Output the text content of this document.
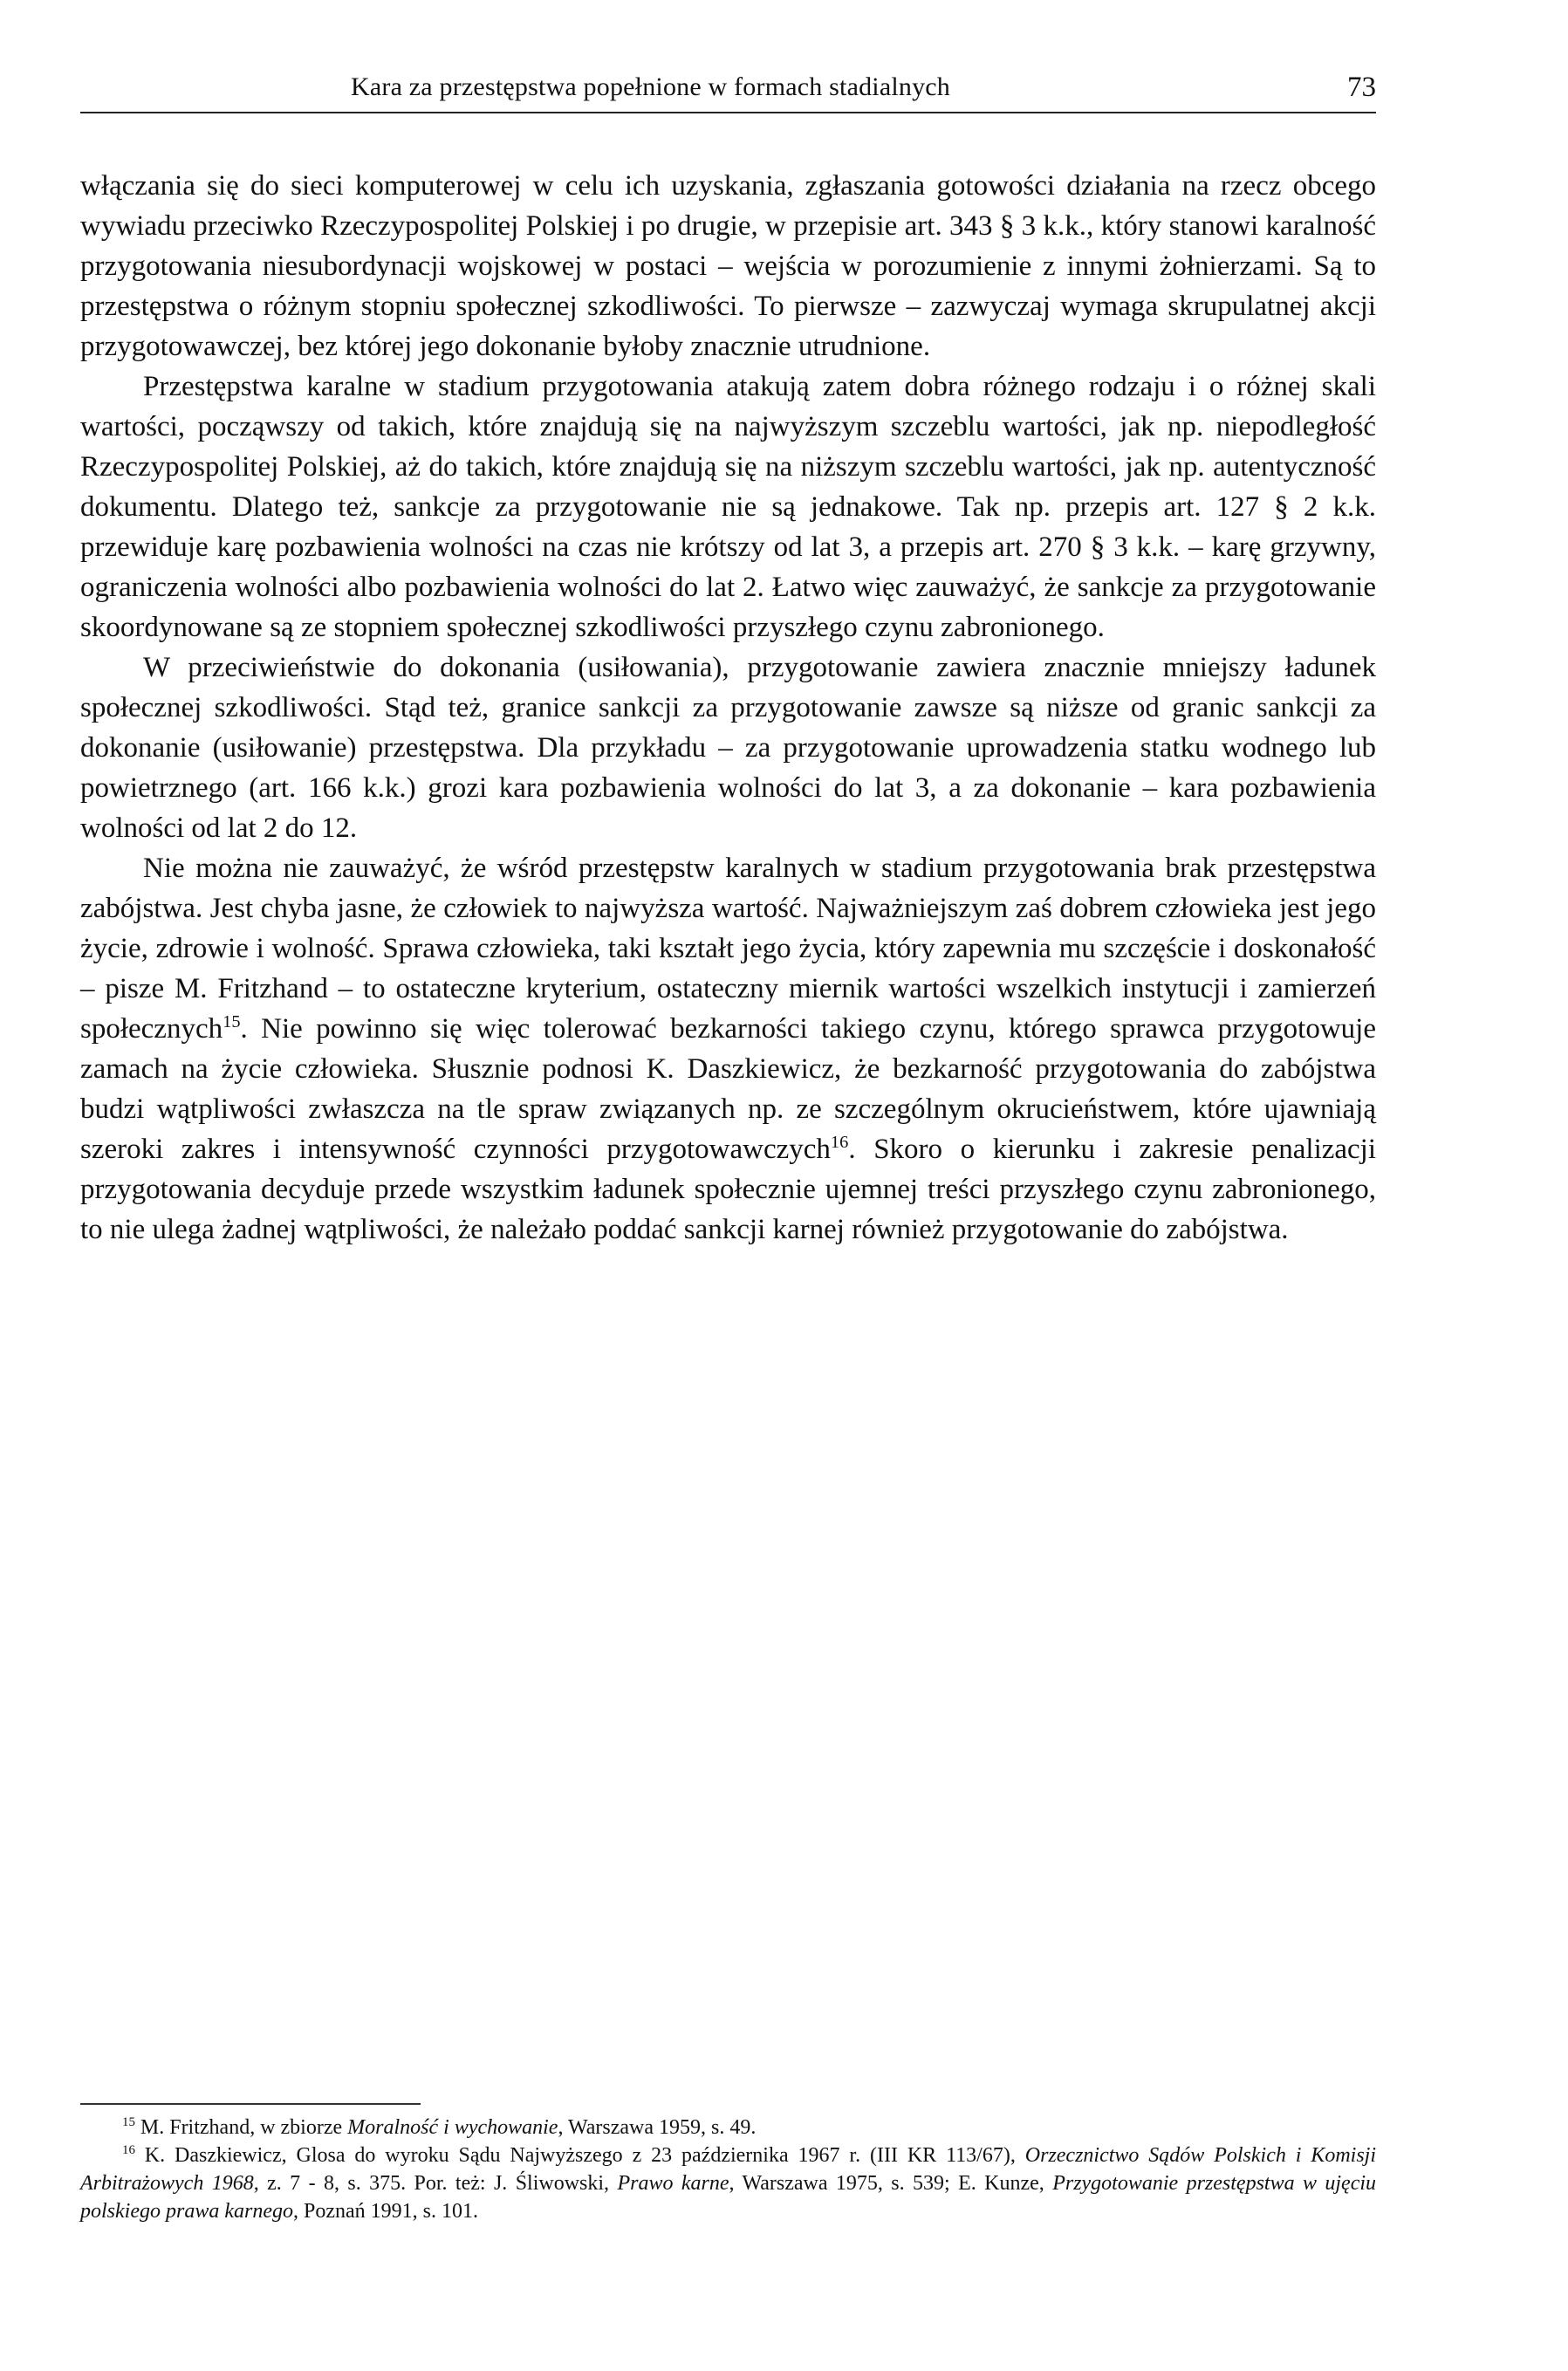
Kara za przestępstwa popełnione w formach stadialnych	73

włączania się do sieci komputerowej w celu ich uzyskania, zgłaszania gotowości działania na rzecz obcego wywiadu przeciwko Rzeczypospolitej Polskiej i po drugie, w przepisie art. 343 § 3 k.k., który stanowi karalność przygotowania niesubordynacji wojskowej w postaci – wejścia w porozumienie z innymi żołnierzami. Są to przestępstwa o różnym stopniu społecznej szkodliwości. To pierwsze – zazwyczaj wymaga skrupulatnej akcji przygotowawczej, bez której jego dokonanie byłoby znacznie utrudnione.

Przestępstwa karalne w stadium przygotowania atakują zatem dobra różnego rodzaju i o różnej skali wartości, począwszy od takich, które znajdują się na najwyższym szczeblu wartości, jak np. niepodległość Rzeczypospolitej Polskiej, aż do takich, które znajdują się na niższym szczeblu wartości, jak np. autentyczność dokumentu. Dlatego też, sankcje za przygotowanie nie są jednakowe. Tak np. przepis art. 127 § 2 k.k. przewiduje karę pozbawienia wolności na czas nie krótszy od lat 3, a przepis art. 270 § 3 k.k. – karę grzywny, ograniczenia wolności albo pozbawienia wolności do lat 2. Łatwo więc zauważyć, że sankcje za przygotowanie skoordynowane są ze stopniem społecznej szkodliwości przyszłego czynu zabronionego.

W przeciwieństwie do dokonania (usiłowania), przygotowanie zawiera znacznie mniejszy ładunek społecznej szkodliwości. Stąd też, granice sankcji za przygotowanie zawsze są niższe od granic sankcji za dokonanie (usiłowanie) przestępstwa. Dla przykładu – za przygotowanie uprowadzenia statku wodnego lub powietrznego (art. 166 k.k.) grozi kara pozbawienia wolności do lat 3, a za dokonanie – kara pozbawienia wolności od lat 2 do 12.

Nie można nie zauważyć, że wśród przestępstw karalnych w stadium przygotowania brak przestępstwa zabójstwa. Jest chyba jasne, że człowiek to najwyższa wartość. Najważniejszym zaś dobrem człowieka jest jego życie, zdrowie i wolność. Sprawa człowieka, taki kształt jego życia, który zapewnia mu szczęście i doskonałość – pisze M. Fritzhand – to ostateczne kryterium, ostateczny miernik wartości wszelkich instytucji i zamierzeń społecznych$^{15}$. Nie powinno się więc tolerować bezkarności takiego czynu, którego sprawca przygotowuje zamach na życie człowieka. Słusznie podnosi K. Daszkiewicz, że bezkarność przygotowania do zabójstwa budzi wątpliwości zwłaszcza na tle spraw związanych np. ze szczególnym okrucieństwem, które ujawniają szeroki zakres i intensywność czynności przygotowawczych$^{16}$. Skoro o kierunku i zakresie penalizacji przygotowania decyduje przede wszystkim ładunek społecznie ujemnej treści przyszłego czynu zabronionego, to nie ulega żadnej wątpliwości, że należało poddać sankcji karnej również przygotowanie do zabójstwa.

$^{15}$ M. Fritzhand, w zbiorze Moralność i wychowanie, Warszawa 1959, s. 49.

$^{16}$ K. Daszkiewicz, Glosa do wyroku Sądu Najwyższego z 23 października 1967 r. (III KR 113/67), Orzecznictwo Sądów Polskich i Komisji Arbitrażowych 1968, z. 7 - 8, s. 375. Por. też: J. Śliwowski, Prawo karne, Warszawa 1975, s. 539; E. Kunze, Przygotowanie przestępstwa w ujęciu polskiego prawa karnego, Poznań 1991, s. 101.
